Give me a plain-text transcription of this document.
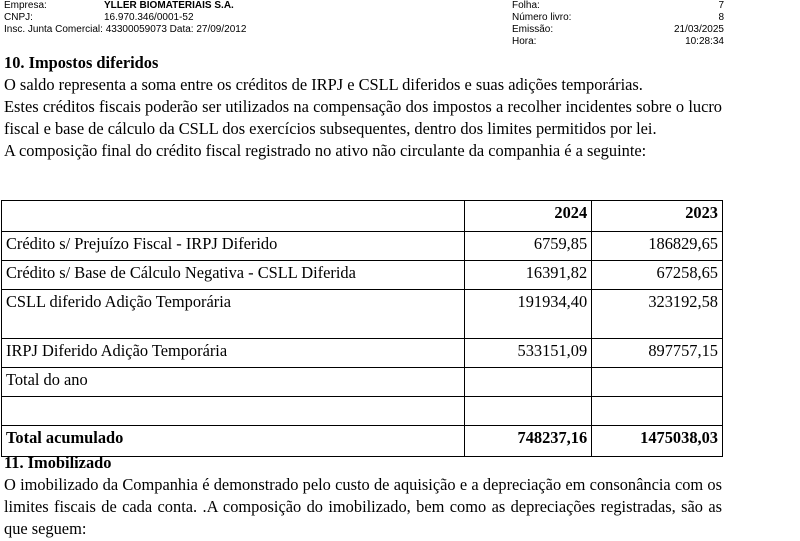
Empresa:	YLLER BIOMATERIAIS S.A.
CNPJ:	16.970.346/0001-52
Insc. Junta Comercial: 43300059073 Data: 27/09/2012
Folha:	7
Número livro:	8
Emissão:	21/03/2025
Hora:	10:28:34
10. Impostos diferidos
O saldo representa a soma entre os créditos de IRPJ e CSLL diferidos e suas adições temporárias.
Estes créditos fiscais poderão ser utilizados na compensação dos impostos a recolher incidentes sobre o lucro fiscal e base de cálculo da CSLL dos exercícios subsequentes, dentro dos limites permitidos por lei.
A composição final do crédito fiscal registrado no ativo não circulante da companhia é a seguinte:
	2024	2023
Crédito s/ Prejuízo Fiscal - IRPJ Diferido	6759,85	186829,65
Crédito s/ Base de Cálculo Negativa - CSLL Diferida	16391,82	67258,65
CSLL diferido Adição Temporária	191934,40	323192,58

IRPJ Diferido Adição Temporária	533151,09	897757,15
Total do ano		

Total acumulado	748237,16	1475038,03
11. Imobilizado
O imobilizado da Companhia é demonstrado pelo custo de aquisição e a depreciação em consonância com os limites fiscais de cada conta. .A composição do imobilizado, bem como as depreciações registradas, são as que seguem:
